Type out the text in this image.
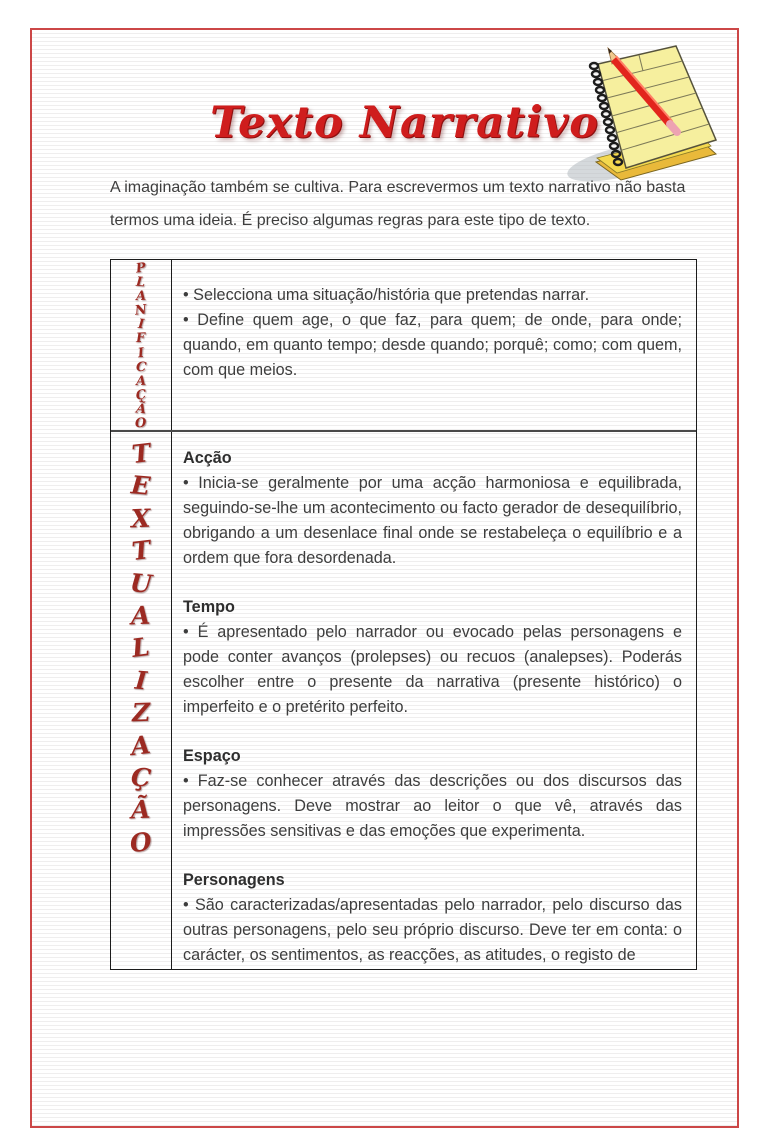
Texto Narrativo

A imaginação também se cultiva. Para escrevermos um texto narrativo não basta termos uma ideia. É preciso algumas regras para este tipo de texto.

P
L
A
N
I
F
I
C
A
Ç
Ã
O

• Selecciona uma situação/história que pretendas narrar.

• Define quem age, o que faz, para quem; de onde, para onde; quando, em quanto tempo; desde quando; porquê; como; com quem, com que meios.

T
E
X
T
U
A
L
I
Z
A
Ç
Ã
O
Acção

• Inicia-se geralmente por uma acção harmoniosa e equilibrada, seguindo-se-lhe um acontecimento ou facto gerador de desequilíbrio, obrigando a um desenlace final onde se restabeleça o equilíbrio e a ordem que fora desordenada.

Tempo

• É apresentado pelo narrador ou evocado pelas personagens e pode conter avanços (prolepses) ou recuos (analepses). Poderás escolher entre o presente da narrativa (presente histórico) o imperfeito e o pretérito perfeito.

Espaço

• Faz-se conhecer através das descrições ou dos discursos das personagens. Deve mostrar ao leitor o que vê, através das impressões sensitivas e das emoções que experimenta.

Personagens

• São caracterizadas/apresentadas pelo narrador, pelo discurso das outras personagens, pelo seu próprio discurso. Deve ter em conta: o carácter, os sentimentos, as reacções, as atitudes, o registo de
